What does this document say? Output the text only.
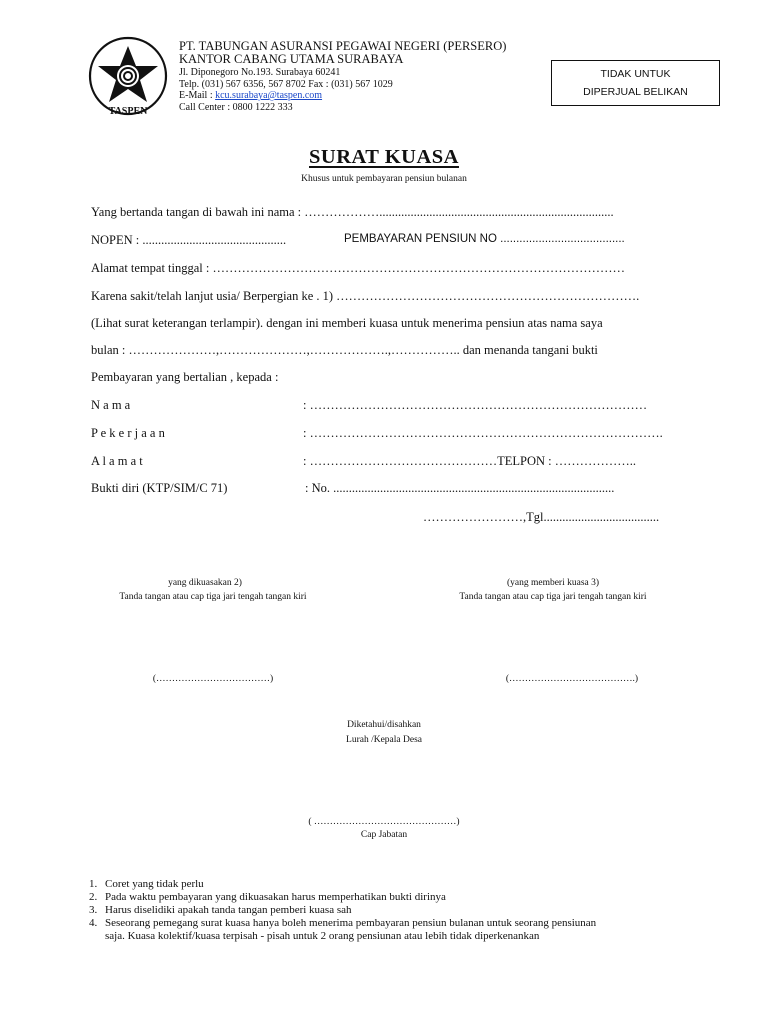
TASPEN
PT. TABUNGAN ASURANSI PEGAWAI NEGERI (PERSERO)
KANTOR CABANG UTAMA SURABAYA
Jl. Diponegoro No.193. Surabaya 60241
Telp. (031) 567 6356, 567 8702 Fax : (031) 567 1029
E-Mail : kcu.surabaya@taspen.com
Call Center : 0800 1222 333
TIDAK UNTUK
DIPERJUAL BELIKAN
SURAT KUASA
Khusus untuk pembayaran pensiun bulanan
Yang bertanda tangan di bawah ini nama : ………………...........................................................................
NOPEN : ..............................................	PEMBAYARAN PENSIUN NO .......................................
Alamat tempat tinggal : ………………………………………………………………………………………
Karena sakit/telah lanjut usia/ Berpergian ke . 1) ……………………………………………………………….
(Lihat surat keterangan terlampir). dengan ini memberi kuasa untuk menerima pensiun atas nama saya
bulan : …………………,…………………,……………….,…………….. dan menanda tangani bukti
Pembayaran yang bertalian , kepada :
N a m a	: ………………………………………………………………………
P e k e r j a a n	: ………………………………………………………………………….
A l a m a t	: ………………………………………TELPON : ………………..
Bukti diri (KTP/SIM/C 71)	: No. ..........................................................................................
……………………,Tgl.....................................
yang dikuasakan 2)
Tanda tangan atau cap tiga jari tengah tangan kiri
(yang memberi kuasa 3)
Tanda tangan atau cap tiga jari tengah tangan kiri
(………………………………)	(………………………………….)
Diketahui/disahkan
Lurah /Kepala Desa
( ………………………………………)
Cap Jabatan
1. Coret yang tidak perlu
2. Pada waktu pembayaran yang dikuasakan harus memperhatikan bukti dirinya
3. Harus diselidiki apakah tanda tangan pemberi kuasa sah
4. Seseorang pemegang surat kuasa hanya boleh menerima pembayaran pensiun bulanan untuk seorang pensiunan
saja. Kuasa kolektif/kuasa terpisah - pisah untuk 2 orang pensiunan atau lebih tidak diperkenankan
